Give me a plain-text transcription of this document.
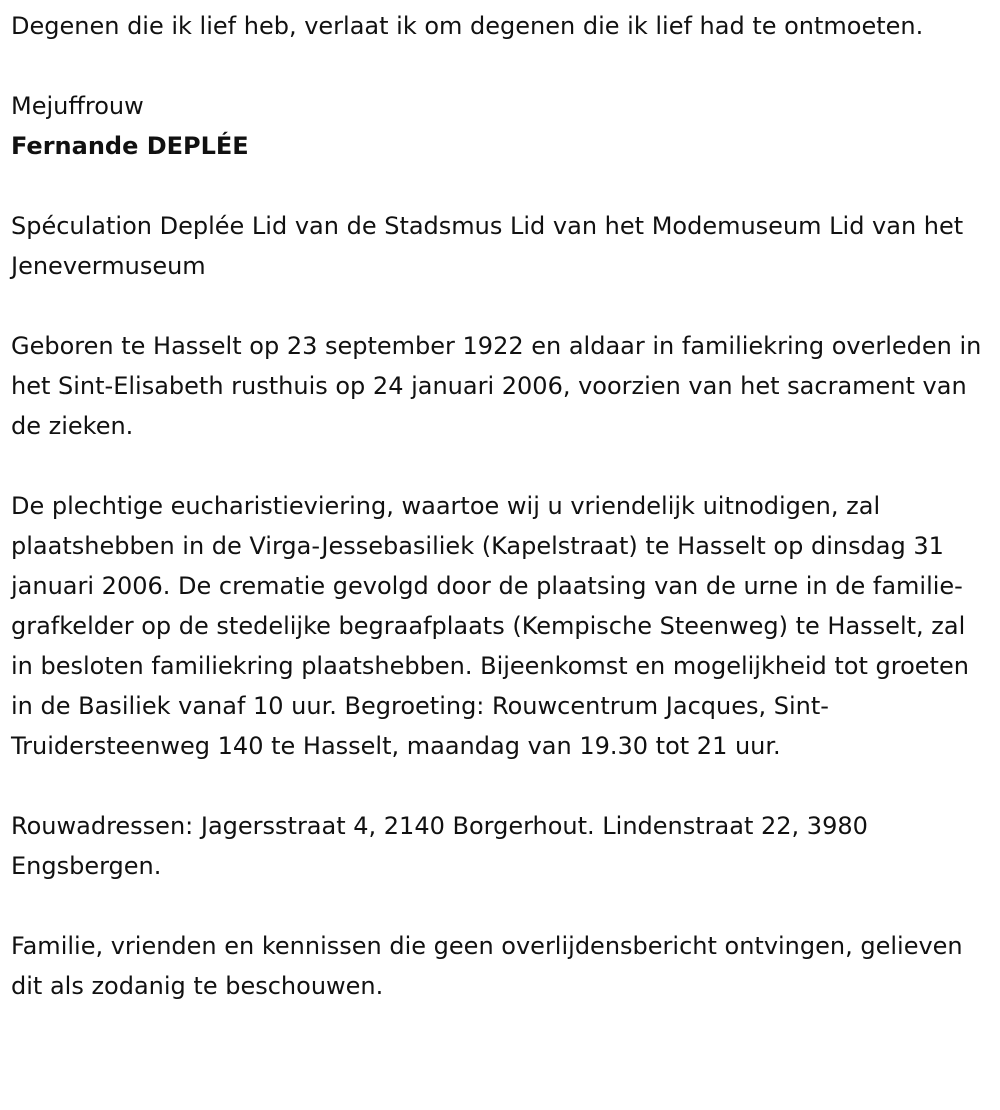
Degenen die ik lief heb, verlaat ik om degenen die ik lief had te ontmoeten.

Mejuffrouw

Fernande DEPLÉE

Spéculation Deplée Lid van de Stadsmus Lid van het Modemuseum Lid van het Jenevermuseum

Geboren te Hasselt op 23 september 1922 en aldaar in familiekring overleden in het Sint-Elisabeth rusthuis op 24 januari 2006, voorzien van het sacrament van de zieken.

De plechtige eucharistieviering, waartoe wij u vriendelijk uitnodigen, zal plaatshebben in de Virga-Jessebasiliek (Kapelstraat) te Hasselt op dinsdag 31 januari 2006. De crematie gevolgd door de plaatsing van de urne in de familie-grafkelder op de stedelijke begraafplaats (Kempische Steenweg) te Hasselt, zal in besloten familiekring plaatshebben. Bijeenkomst en mogelijkheid tot groeten in de Basiliek vanaf 10 uur. Begroeting: Rouwcentrum Jacques, Sint-Truidersteenweg 140 te Hasselt, maandag van 19.30 tot 21 uur.

Rouwadressen: Jagersstraat 4, 2140 Borgerhout. Lindenstraat 22, 3980 Engsbergen.

Familie, vrienden en kennissen die geen overlijdensbericht ontvingen, gelieven dit als zodanig te beschouwen.
